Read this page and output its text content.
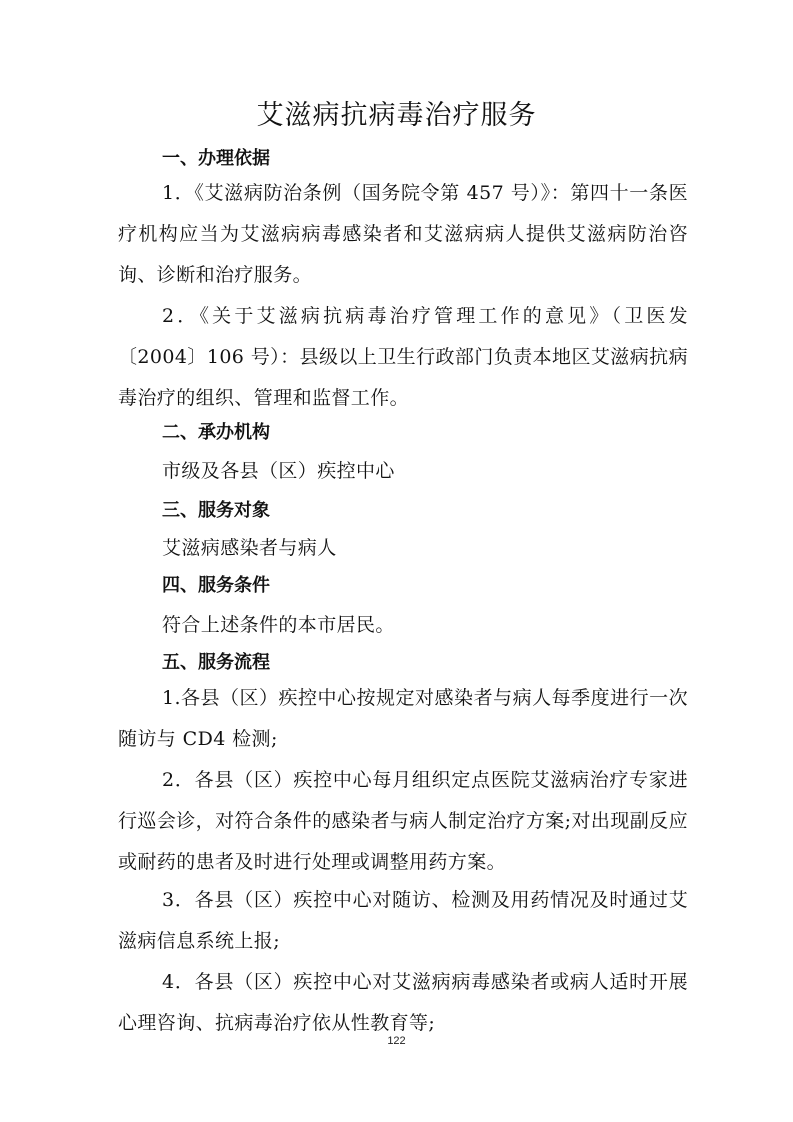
艾滋病抗病毒治疗服务
一、办理依据

1．《艾滋病防治条例（国务院令第 457 号）》：第四十一条医疗机构应当为艾滋病病毒感染者和艾滋病病人提供艾滋病防治咨询、诊断和治疗服务。

2．《关于艾滋病抗病毒治疗管理工作的意见》（卫医发〔2004〕106 号）：县级以上卫生行政部门负责本地区艾滋病抗病毒治疗的组织、管理和监督工作。

二、承办机构

市级及各县（区）疾控中心

三、服务对象

艾滋病感染者与病人

四、服务条件

符合上述条件的本市居民。

五、服务流程

1.各县（区）疾控中心按规定对感染者与病人每季度进行一次随访与 CD4 检测;

2．各县（区）疾控中心每月组织定点医院艾滋病治疗专家进行巡会诊，对符合条件的感染者与病人制定治疗方案;对出现副反应或耐药的患者及时进行处理或调整用药方案。

3．各县（区）疾控中心对随访、检测及用药情况及时通过艾滋病信息系统上报;

4．各县（区）疾控中心对艾滋病病毒感染者或病人适时开展心理咨询、抗病毒治疗依从性教育等;

122
